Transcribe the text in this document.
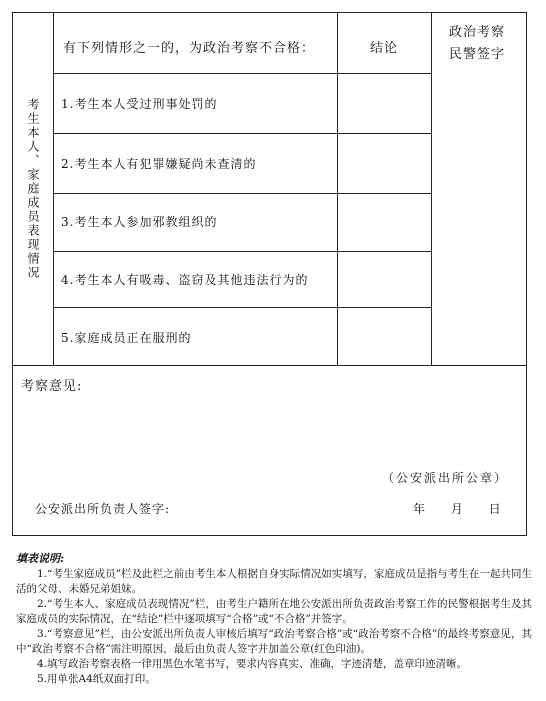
考生本人、家庭成员表现情况
有下列情形之一的，为政治考察不合格：	结论
政治考察
民警签字
1.考生本人受过刑事处罚的
2.考生本人有犯罪嫌疑尚未查清的
3.考生本人参加邪教组织的
4.考生本人有吸毒、盗窃及其他违法行为的
5.家庭成员正在服刑的
考察意见:
（公安派出所公章）
公安派出所负责人签字:	年 月 日
填表说明:
1.“考生家庭成员”栏及此栏之前由考生本人根据自身实际情况如实填写，家庭成员是指与考生在一起共同生活的父母、未婚兄弟姐妹。
2.“考生本人、家庭成员表现情况”栏，由考生户籍所在地公安派出所负责政治考察工作的民警根据考生及其家庭成员的实际情况，在“结论”栏中逐项填写“合格”或“不合格”并签字。
3.“考察意见”栏，由公安派出所负责人审核后填写“政治考察合格”或“政治考察不合格”的最终考察意见，其中“政治考察不合格”需注明原因，最后由负责人签字并加盖公章(红色印油)。
4.填写政治考察表格一律用黑色水笔书写，要求内容真实、准确，字迹清楚，盖章印迹清晰。
5.用单张A4纸双面打印。
